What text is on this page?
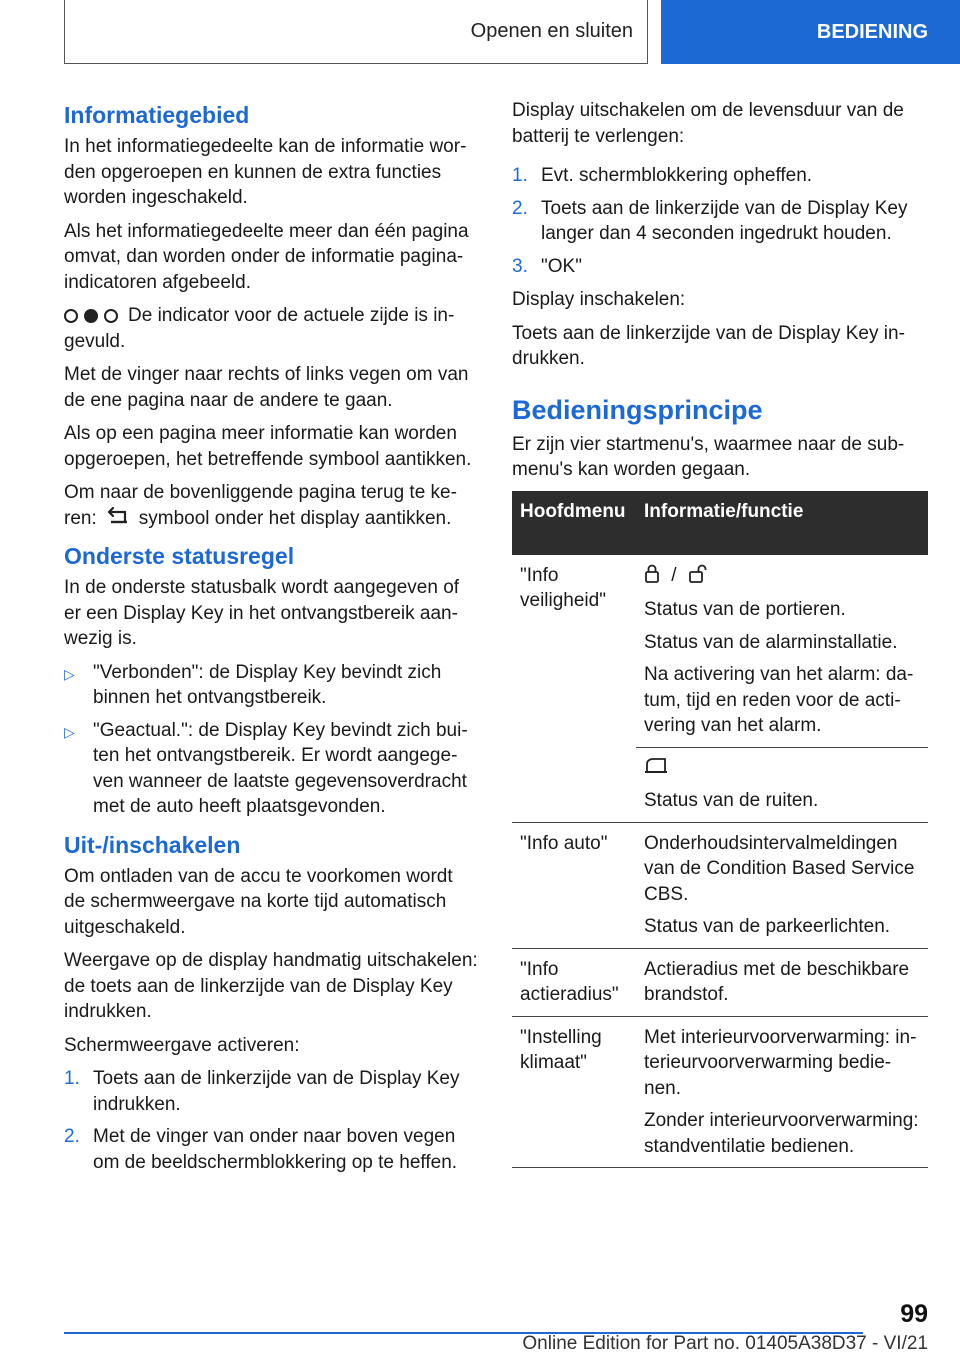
Openen en sluiten	BEDIENING
Informatiegebied

In het informatiegedeelte kan de informatie worden opgeroepen en kunnen de extra functies worden ingeschakeld.

Als het informatiegedeelte meer dan één pagina omvat, dan worden onder de informatie pagina-indicatoren afgebeeld.

De indicator voor de actuele zijde is ingevuld.

Met de vinger naar rechts of links vegen om van de ene pagina naar de andere te gaan.

Als op een pagina meer informatie kan worden opgeroepen, het betreffende symbool aantikken.

Om naar de bovenliggende pagina terug te keren: symbool onder het display aantikken.

Onderste statusregel

In de onderste statusbalk wordt aangegeven of er een Display Key in het ontvangstbereik aanwezig is.

▷ "Verbonden": de Display Key bevindt zich binnen het ontvangstbereik.
▷ "Geactual.": de Display Key bevindt zich buiten het ontvangstbereik. Er wordt aangegeven wanneer de laatste gegevensoverdracht met de auto heeft plaatsgevonden.
Uit-/inschakelen

Om ontladen van de accu te voorkomen wordt de schermweergave na korte tijd automatisch uitgeschakeld.

Weergave op de display handmatig uitschakelen: de toets aan de linkerzijde van de Display Key indrukken.

Schermweergave activeren:

1. Toets aan de linkerzijde van de Display Key indrukken.
2. Met de vinger van onder naar boven vegen om de beeldschermblokkering op te heffen.

Display uitschakelen om de levensduur van de batterij te verlengen:

1. Evt. schermblokkering opheffen.
2. Toets aan de linkerzijde van de Display Key langer dan 4 seconden ingedrukt houden.
3. "OK"

Display inschakelen:

Toets aan de linkerzijde van de Display Key indrukken.

Bedieningsprincipe

Er zijn vier startmenu's, waarmee naar de submenu's kan worden gegaan.

Hoofdmenu	Informatie/functie
"Info veiligheid"	/

Status van de portieren.

Status van de alarminstallatie.

Na activering van het alarm: datum, tijd en reden voor de activering van het alarm.

	Status van de ruiten.

"Info auto"	Onderhoudsintervalmeldingen van de Condition Based Service CBS.

Status van de parkeerlichten.

"Info actieradius"	Actieradius met de beschikbare brandstof.

"Instelling klimaat"	Met interieurvoorverwarming: interieurvoorverwarming bedienen.

Zonder interieurvoorverwarming: standventilatie bedienen.

99
Online Edition for Part no. 01405A38D37 - VI/21
